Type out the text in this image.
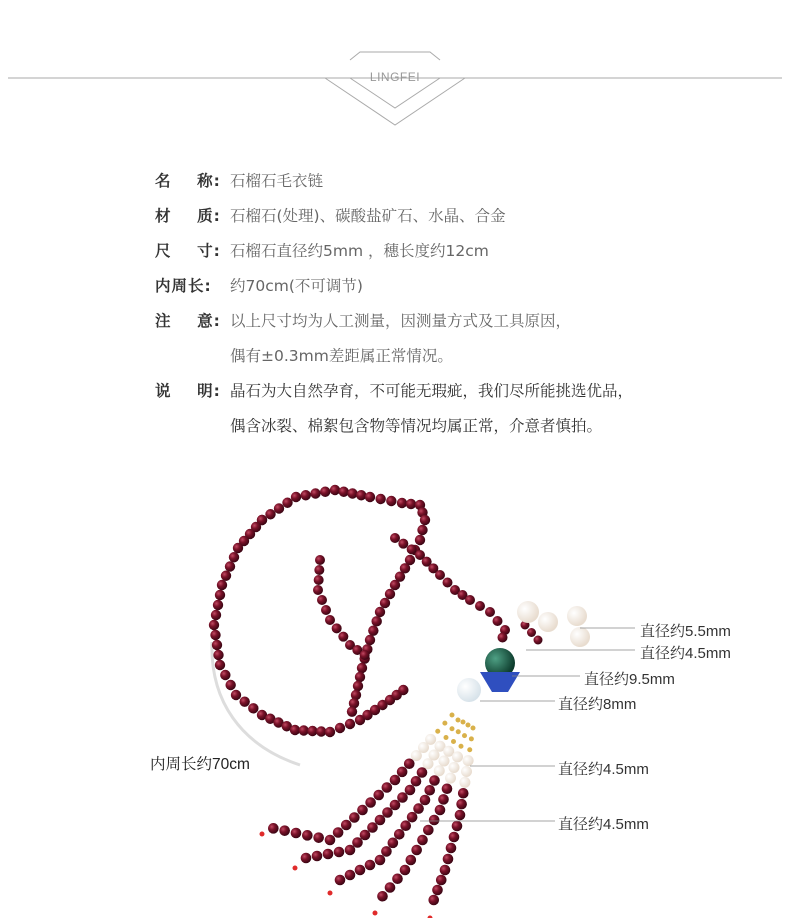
LINGFEI
名    称: 石榴石毛衣链
材    质: 石榴石(处理)、碳酸盐矿石、水晶、合金
尺    寸: 石榴石直径约5mm ，穗长度约12cm
内周长:	约70cm(不可调节)
注    意: 以上尺寸均为人工测量，因测量方式及工具原因，
偶有±0.3mm差距属正常情况。
说    明: 晶石为大自然孕育，不可能无瑕疵，我们尽所能挑选优品，
偶含冰裂、棉絮包含物等情况均属正常，介意者慎拍。
直径约5.5mm
直径约4.5mm
直径约9.5mm
直径约8mm
直径约4.5mm
直径约4.5mm
内周长约70cm
